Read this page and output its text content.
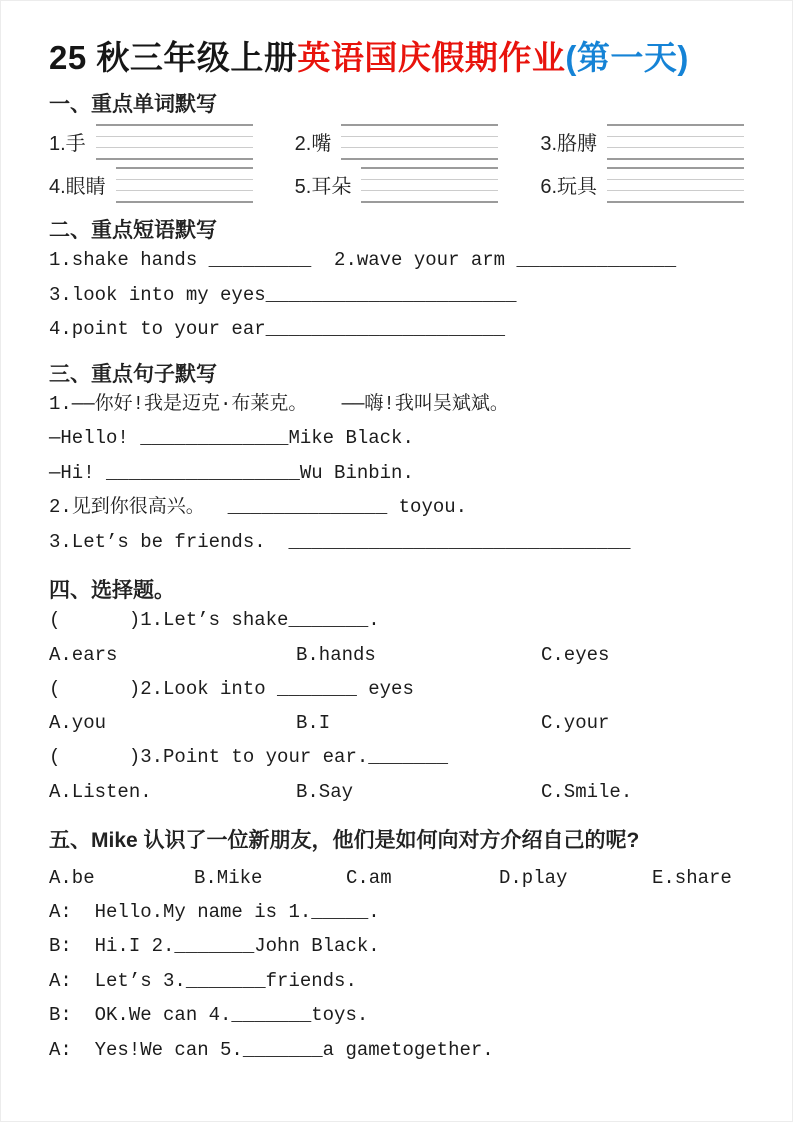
25 秋三年级上册英语国庆假期作业(第一天)
一、重点单词默写
1.手	2.嘴	3.胳膊
4.眼睛	5.耳朵	6.玩具
二、重点短语默写
1.shake hands _________  2.wave your arm ______________
3.look into my eyes______________________
4.point to your ear_____________________
三、重点句子默写
1.——你好!我是迈克·布莱克。   ——嗨!我叫吴斌斌。
—Hello! _____________Mike Black.
—Hi! _________________Wu Binbin.
2.见到你很高兴。  ______________ toyou.
3.Let’s be friends.  ______________________________
四、选择题。
(      )1.Let’s shake_______.
A.ears	B.hands	C.eyes
(      )2.Look into _______ eyes
A.you	B.I	C.your
(      )3.Point to your ear._______
A.Listen.	B.Say	C.Smile.
五、Mike 认识了一位新朋友，他们是如何向对方介绍自己的呢?
A.be	B.Mike	C.am	D.play	E.share
A:  Hello.My name is 1._____.
B:  Hi.I 2._______John Black.
A:  Let’s 3._______friends.
B:  OK.We can 4._______toys.
A:  Yes!We can 5._______a gametogether.
